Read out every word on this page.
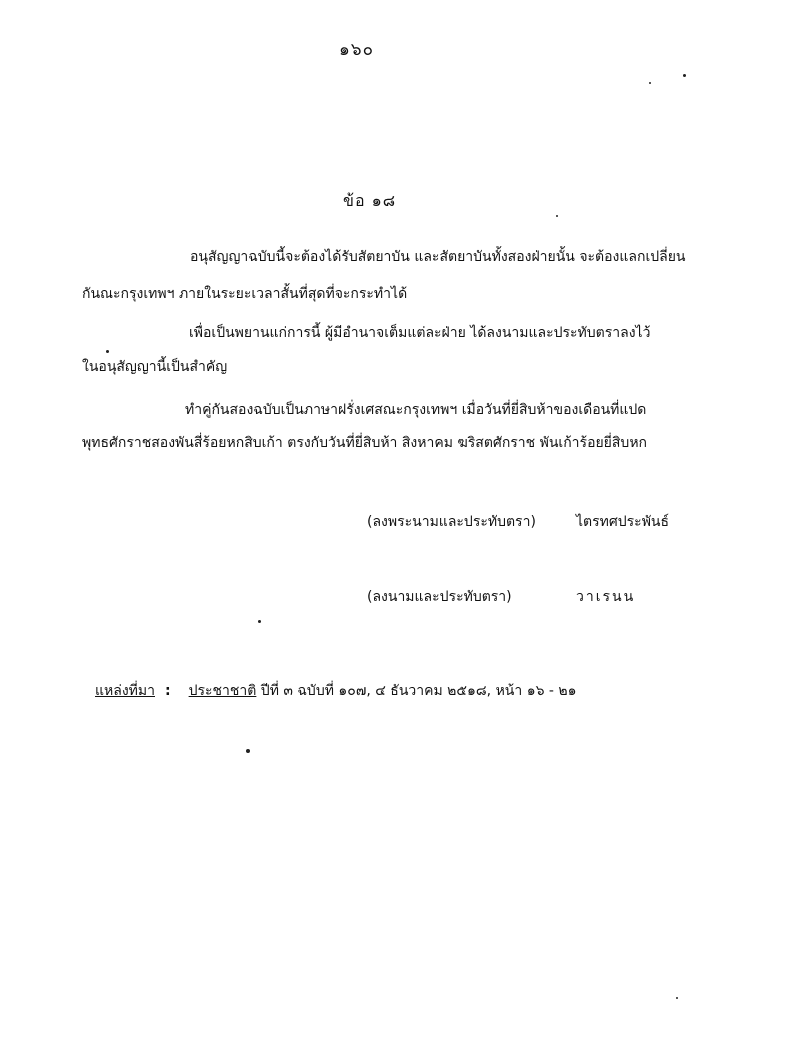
๑๖๐
ข้อ ๑๘
อนุสัญญาฉบับนี้จะต้องได้รับสัตยาบัน และสัตยาบันทั้งสองฝ่ายนั้น จะต้องแลกเปลี่ยน
กันณะกรุงเทพฯ ภายในระยะเวลาสั้นที่สุดที่จะกระทำได้
เพื่อเป็นพยานแก่การนี้ ผู้มีอำนาจเต็มแต่ละฝ่าย ได้ลงนามและประทับตราลงไว้
ในอนุสัญญานี้เป็นสำคัญ
ทำคู่กันสองฉบับเป็นภาษาฝรั่งเศสณะกรุงเทพฯ เมื่อวันที่ยี่สิบห้าของเดือนที่แปด
พุทธศักราชสองพันสี่ร้อยหกสิบเก้า ตรงกับวันที่ยี่สิบห้า สิงหาคม ฆริสตศักราช พันเก้าร้อยยี่สิบหก
(ลงพระนามและประทับตรา)	ไตรทศประพันธ์
(ลงนามและประทับตรา)	วาเรนน
แหล่งที่มา : ประชาชาติ ปีที่ ๓ ฉบับที่ ๑๐๗, ๔ ธันวาคม ๒๕๑๘, หน้า ๑๖ - ๒๑
